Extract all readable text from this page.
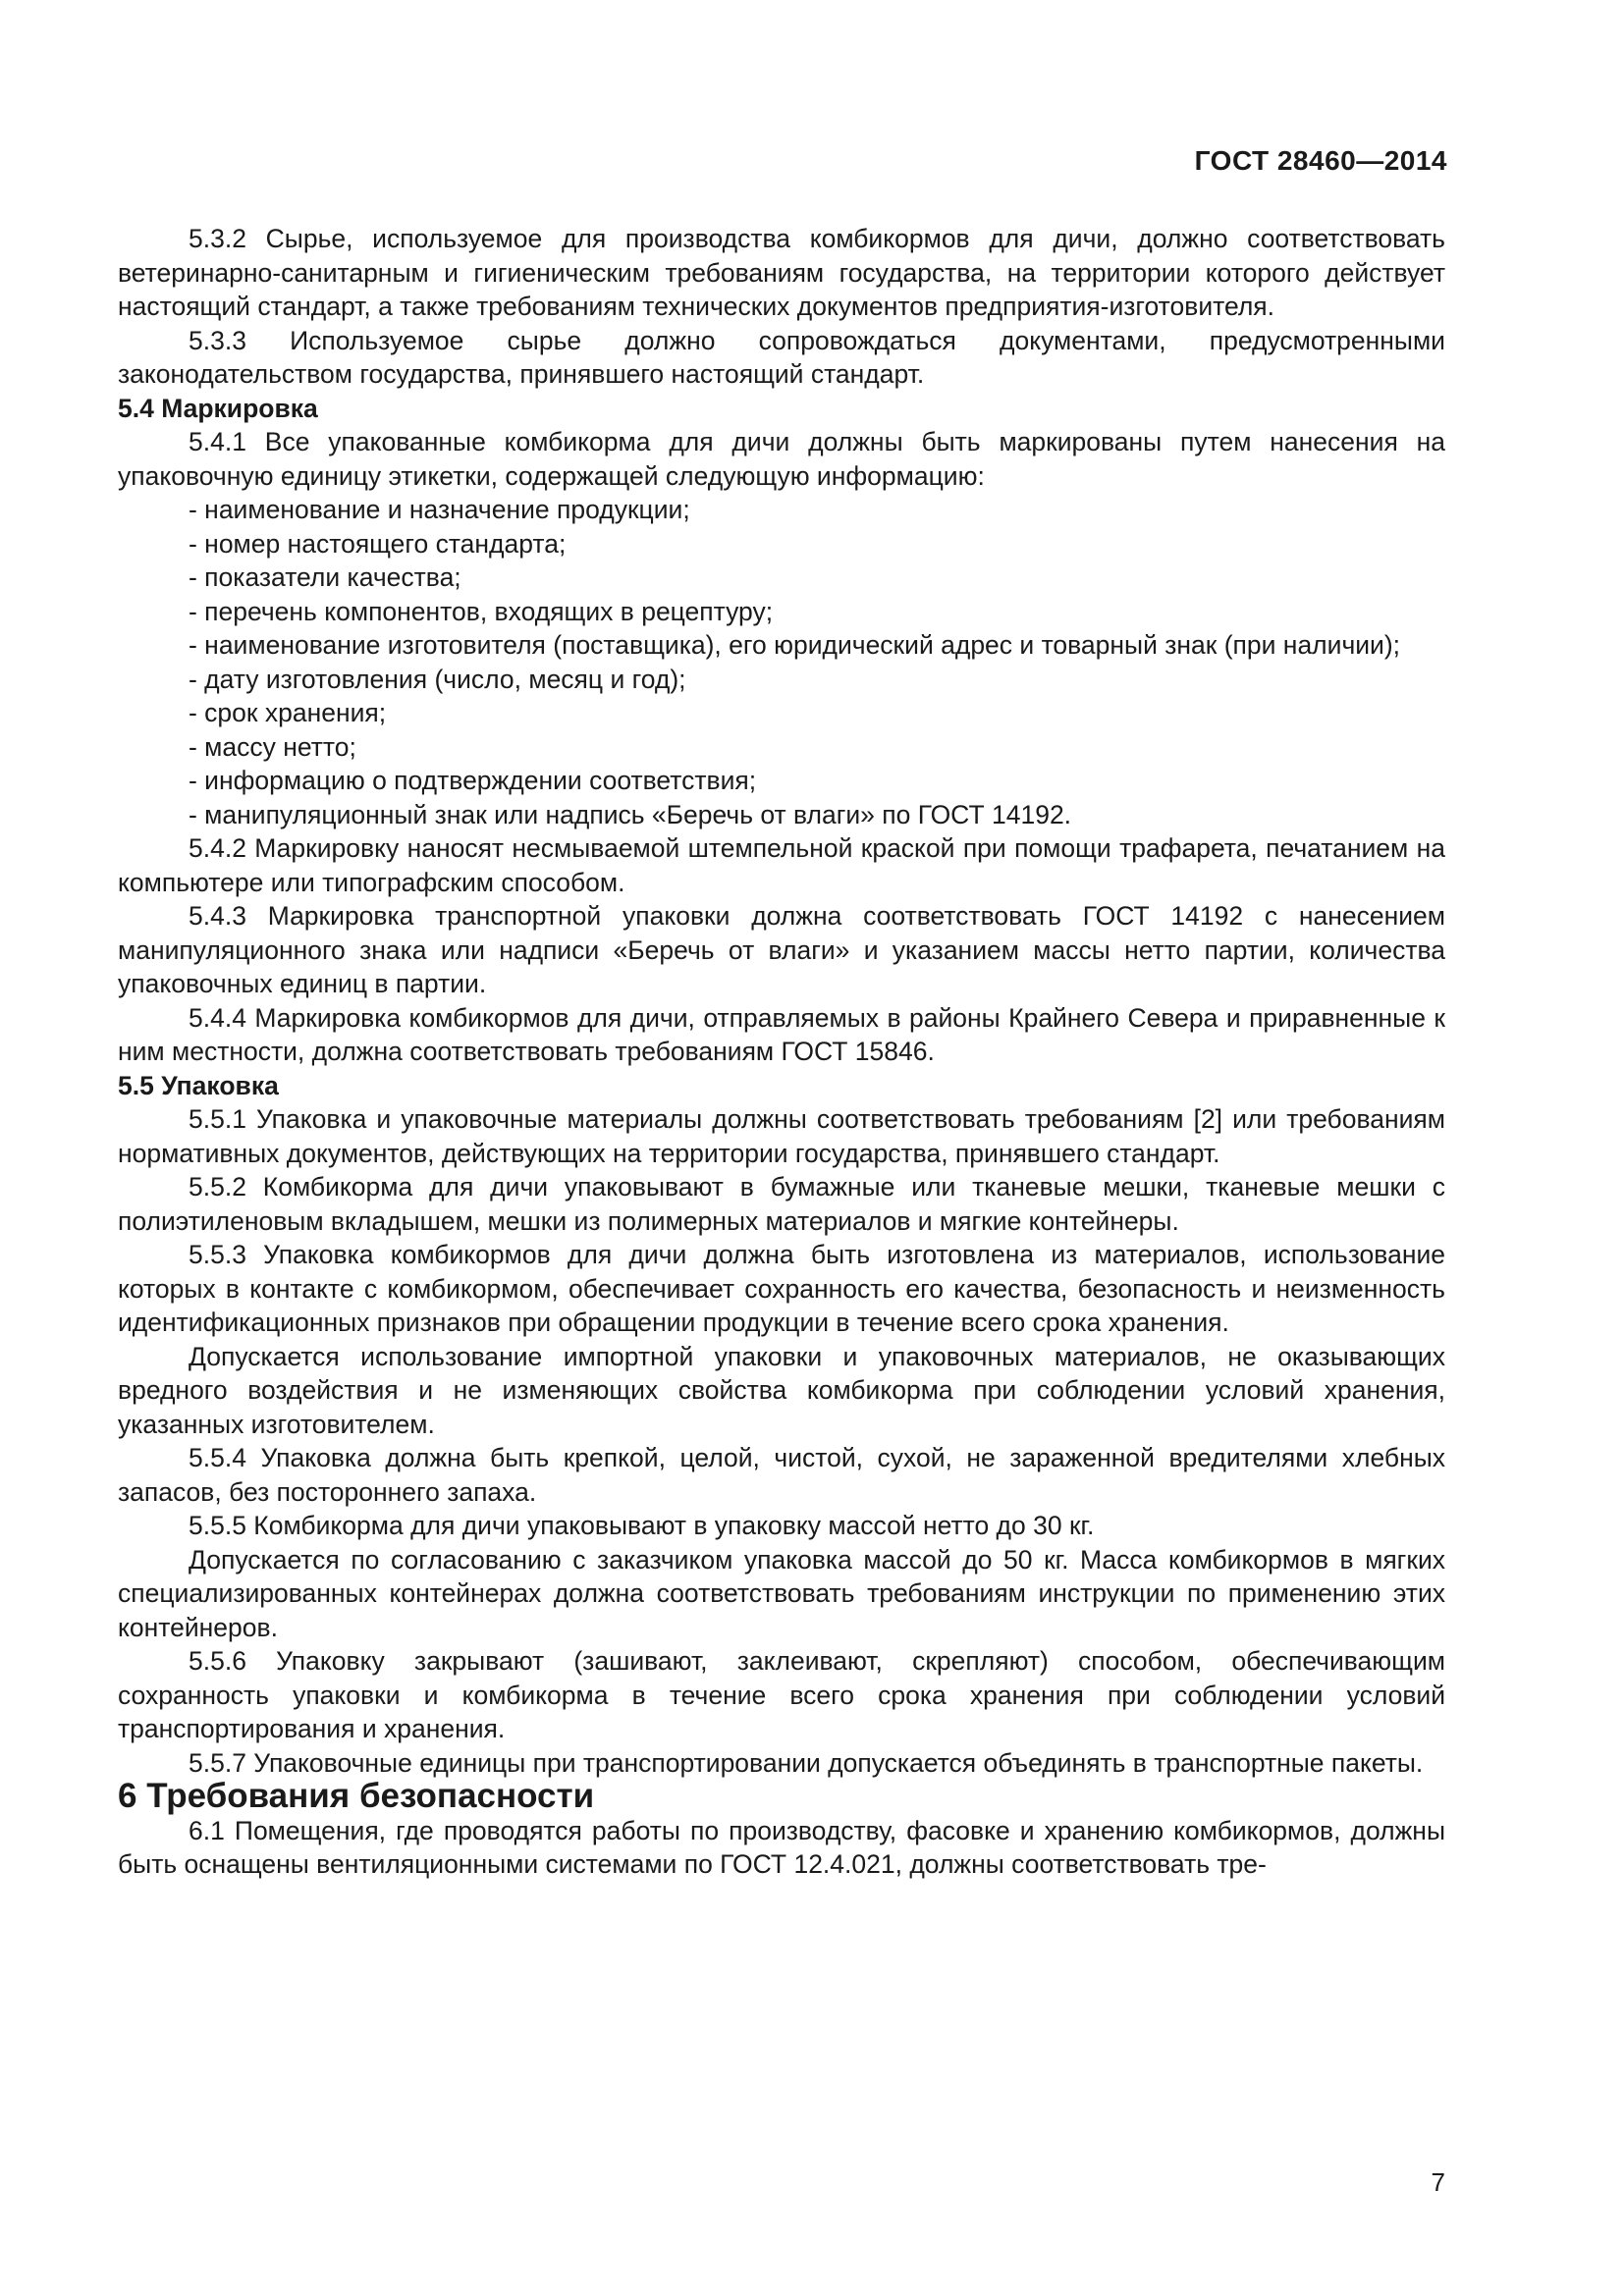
ГОСТ 28460—2014

5.3.2 Сырье, используемое для производства комбикормов для дичи, должно соответствовать ветеринарно-санитарным и гигиеническим требованиям государства, на территории которого действует настоящий стандарт, а также требованиям технических документов предприятия-изготовителя.

5.3.3 Используемое сырье должно сопровождаться документами, предусмотренными законодательством государства, принявшего настоящий стандарт.

5.4 Маркировка

5.4.1 Все упакованные комбикорма для дичи должны быть маркированы путем нанесения на упаковочную единицу этикетки, содержащей следующую информацию:

- наименование и назначение продукции;

- номер настоящего стандарта;

- показатели качества;

- перечень компонентов, входящих в рецептуру;

- наименование изготовителя (поставщика), его юридический адрес и товарный знак (при наличии);

- дату изготовления (число, месяц и год);

- срок хранения;

- массу нетто;

- информацию о подтверждении соответствия;

- манипуляционный знак или надпись «Беречь от влаги» по ГОСТ 14192.

5.4.2 Маркировку наносят несмываемой штемпельной краской при помощи трафарета, печатанием на компьютере или типографским способом.

5.4.3 Маркировка транспортной упаковки должна соответствовать ГОСТ 14192 с нанесением манипуляционного знака или надписи «Беречь от влаги» и указанием массы нетто партии, количества упаковочных единиц в партии.

5.4.4 Маркировка комбикормов для дичи, отправляемых в районы Крайнего Севера и приравненные к ним местности, должна соответствовать требованиям ГОСТ 15846.

5.5 Упаковка

5.5.1 Упаковка и упаковочные материалы должны соответствовать требованиям [2] или требованиям нормативных документов, действующих на территории государства, принявшего стандарт.

5.5.2 Комбикорма для дичи упаковывают в бумажные или тканевые мешки, тканевые мешки с полиэтиленовым вкладышем, мешки из полимерных материалов и мягкие контейнеры.

5.5.3 Упаковка комбикормов для дичи должна быть изготовлена из материалов, использование которых в контакте с комбикормом, обеспечивает сохранность его качества, безопасность и неизменность идентификационных признаков при обращении продукции в течение всего срока хранения.

Допускается использование импортной упаковки и упаковочных материалов, не оказывающих вредного воздействия и не изменяющих свойства комбикорма при соблюдении условий хранения, указанных изготовителем.

5.5.4 Упаковка должна быть крепкой, целой, чистой, сухой, не зараженной вредителями хлебных запасов, без постороннего запаха.

5.5.5 Комбикорма для дичи упаковывают в упаковку массой нетто до 30 кг.

Допускается по согласованию с заказчиком упаковка массой до 50 кг. Масса комбикормов в мягких специализированных контейнерах должна соответствовать требованиям инструкции по применению этих контейнеров.

5.5.6 Упаковку закрывают (зашивают, заклеивают, скрепляют) способом, обеспечивающим сохранность упаковки и комбикорма в течение всего срока хранения при соблюдении условий транспортирования и хранения.

5.5.7 Упаковочные единицы при транспортировании допускается объединять в транспортные пакеты.

6 Требования безопасности

6.1 Помещения, где проводятся работы по производству, фасовке и хранению комбикормов, должны быть оснащены вентиляционными системами по ГОСТ 12.4.021, должны соответствовать тре-

7
